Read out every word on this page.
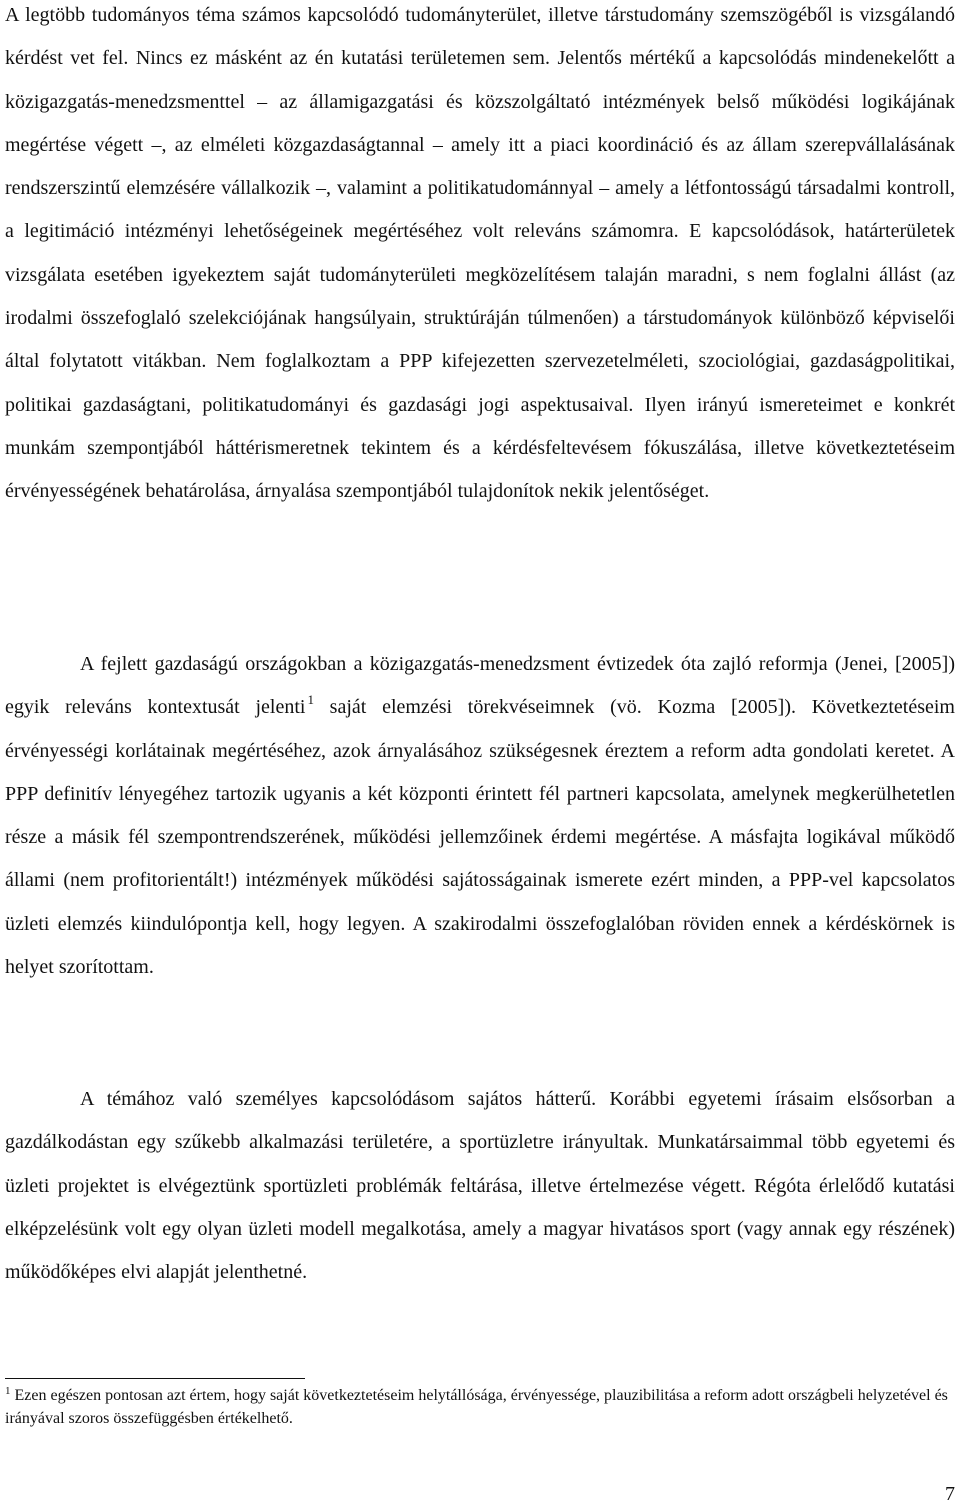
A legtöbb tudományos téma számos kapcsolódó tudományterület, illetve társtudomány szemszögéből is vizsgálandó kérdést vet fel. Nincs ez másként az én kutatási területemen sem. Jelentős mértékű a kapcsolódás mindenekelőtt a közigazgatás-menedzsmenttel – az államigazgatási és közszolgáltató intézmények belső működési logikájának megértése végett –, az elméleti közgazdaságtannal – amely itt a piaci koordináció és az állam szerepvállalásának rendszerszintű elemzésére vállalkozik –, valamint a politikatudománnyal – amely a létfontosságú társadalmi kontroll, a legitimáció intézményi lehetőségeinek megértéséhez volt releváns számomra. E kapcsolódások, határterületek vizsgálata esetében igyekeztem saját tudományterületi megközelítésem talaján maradni, s nem foglalni állást (az irodalmi összefoglaló szelekciójának hangsúlyain, struktúráján túlmenően) a társtudományok különböző képviselői által folytatott vitákban. Nem foglalkoztam a PPP kifejezetten szervezetelméleti, szociológiai, gazdaságpolitikai, politikai gazdaságtani, politikatudományi és gazdasági jogi aspektusaival. Ilyen irányú ismereteimet e konkrét munkám szempontjából háttérismeretnek tekintem és a kérdésfeltevésem fókuszálása, illetve következtetéseim érvényességének behatárolása, árnyalása szempontjából tulajdonítok nekik jelentőséget.

A fejlett gazdaságú országokban a közigazgatás-menedzsment évtizedek óta zajló reformja (Jenei, [2005]) egyik releváns kontextusát jelenti $^1$ saját elemzési törekvéseimnek (vö. Kozma [2005]). Következtetéseim érvényességi korlátainak megértéséhez, azok árnyalásához szükségesnek éreztem a reform adta gondolati keretet. A PPP definitív lényegéhez tartozik ugyanis a két központi érintett fél partneri kapcsolata, amelynek megkerülhetetlen része a másik fél szempontrendszerének, működési jellemzőinek érdemi megértése. A másfajta logikával működő állami (nem profitorientált!) intézmények működési sajátosságainak ismerete ezért minden, a PPP-vel kapcsolatos üzleti elemzés kiindulópontja kell, hogy legyen. A szakirodalmi összefoglalóban röviden ennek a kérdéskörnek is helyet szorítottam.

A témához való személyes kapcsolódásom sajátos hátterű. Korábbi egyetemi írásaim elsősorban a gazdálkodástan egy szűkebb alkalmazási területére, a sportüzletre irányultak. Munkatársaimmal több egyetemi és üzleti projektet is elvégeztünk sportüzleti problémák feltárása, illetve értelmezése végett. Régóta érlelődő kutatási elképzelésünk volt egy olyan üzleti modell megalkotása, amely a magyar hivatásos sport (vagy annak egy részének) működőképes elvi alapját jelenthetné.

$^1$ Ezen egészen pontosan azt értem, hogy saját következtetéseim helytállósága, érvényessége, plauzibilitása a reform adott országbeli helyzetével és irányával szoros összefüggésben értékelhető.

7
